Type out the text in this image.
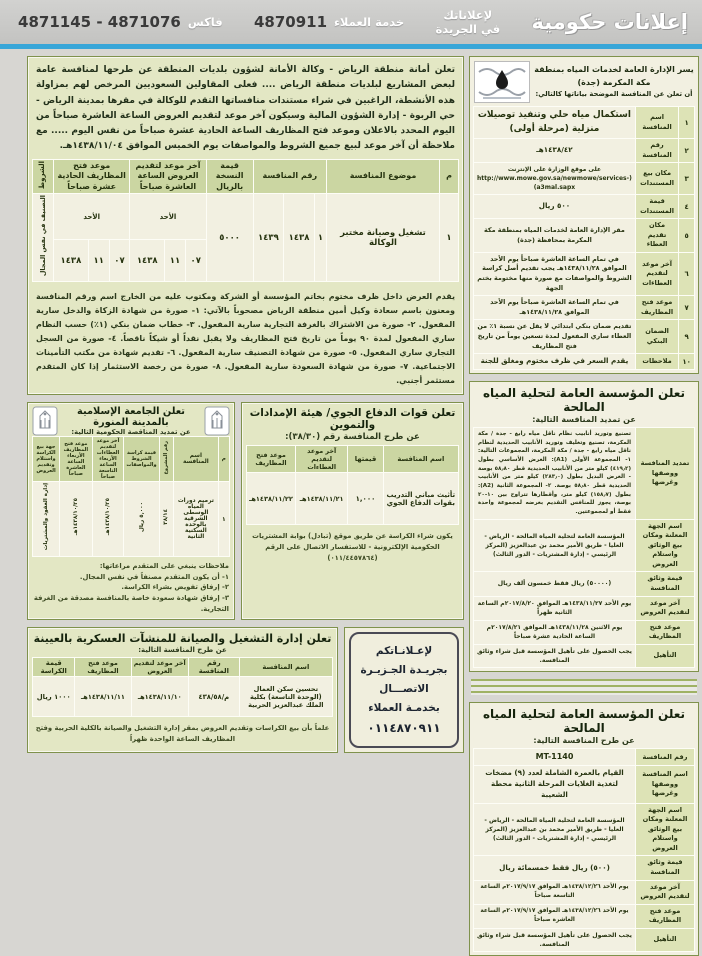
إعلانات حكومية
لإعلاناتك
في الجريدة
خدمة العملاء
4870911
فاكس
4871145 - 4871076
يسر الإدارة العامة لخدمات المياه بمنطقة مكة المكرمة (جدة)
أن تعلن عن المنافسة الموضحة بياناتها كالتالي:
١	اسم المنافسة	استكمال مياه حلي وتنفيذ توصيلات منزلية (مرحلة أولى)
٢	رقم المنافسة	١٤٣٨/٤٢هـ
٣	مكان بيع المستندات	على موقع الوزارة على الإنترنت (http://www.mowe.gov.sa/newmowe/services-a3mal.sapx)
٤	قيمة المستندات	٥٠٠ ريال
٥	مكان تقديم العطاء	مقر الإدارة العامة لخدمات المياه بمنطقة مكة المكرمة بمحافظة (جدة)
٦	آخر موعد لتقديم العطاءات	في تمام الساعة العاشرة صباحاً يوم الأحد الموافق ١٤٣٨/١١/٢٨هـ يجب تقديم أصل كراسة الشروط والمواصفات مع صورة منها مختومة بختم الجهة
٧	موعد فتح المظاريف	في تمام الساعة العاشرة صباحاً يوم الأحد الموافق ١٤٣٨/١١/٢٨هـ
٩	الضمان البنكي	تقديم ضمان بنكي ابتدائي لا يقل عن نسبة ١٪ من العطاء ساري المفعول لمدة تسعين يوماً من تاريخ فتح المظاريف
١٠	ملاحظات	يقدم السعر في ظرف مختوم ومغلق للجنة
تعلن المؤسسة العامة لتحلية المياه المالحة
عن تمديد المنافسة التالية:
تمديد المنافسة ووصفها وغرضها	تصنيع وتوريد أنابيب نظام ناقل مياه رابغ - جدة / مكة المكرمة، تصنيع وتغليف وتوريد الأنابيب الحديدية لنظام ناقل مياه رابغ - جدة / مكة المكرمة، المجموعات التالية: ١- المجموعة الأولى (A1): العرض الأساسي بطول (٤١٩٫٢) كيلو متر من الأنابيب الحديدية قطر ٥٨٫٨٠ بوصة - العرض البديل بطول (٢٨٣٫٠) كيلو متر من الأنابيب الحديدية قطر ٥٨٫٨٠ بوصة. ٢- المجموعة الثانية (A2): بطول (١٥٨٫٧) كيلو متر، وأقطارها تتراوح بين ١٠-٢٠ بوصة، يجوز للمنافس التقديم بعرضه لمجموعة واحدة فقط أو لمجموعتين.
اسم الجهة المعلنة ومكان بيع الوثائق واستلام العروض	المؤسسة العامة لتحلية المياه المالحة - الرياض - العليا - طريق الأمير محمد بن عبدالعزيز (المركز الرئيسي - إدارة المشتريات - الدور الثالث)
قيمة وثائق المنافسة	(٥٠٠٠٠) ريال فقط خمسون ألف ريال
آخر موعد لتقديم العروض	يوم الأحد ١٤٣٨/١١/٢٧هـ الموافق ٢٠١٧/٨/٢٠م الساعة الثانية ظهراً
موعد فتح المظاريف	يوم الاثنين ١٤٣٨/١١/٢٨هـ الموافق ٢٠١٧/٨/٢١م الساعة الحادية عشرة صباحاً
التأهيل	يجب الحصول على تأهيل المؤسسة قبل شراء وثائق المنافسة.
تعلن المؤسسة العامة لتحلية المياه المالحة
عن طرح المنافسة التالية:
رقم المنافسة	MT-1140
اسم المنافسة ووصفها وغرضها	القيام بالعمرة الشاملة لعدد (٩) مضخات لتغذية الغلايات المرحلة الثانية محطة الشعيبة
اسم الجهة المعلنة ومكان بيع الوثائق واستلام العروض	المؤسسة العامة لتحلية المياه المالحة - الرياض - العليا - طريق الأمير محمد بن عبدالعزيز (المركز الرئيسي - إدارة المشتريات - الدور الثالث)
قيمة وثائق المنافسة	(٥٠٠) ريال فقط خمسمائة ريال
آخر موعد لتقديم العروض	يوم الأحد ١٤٣٨/١٢/٢٦هـ الموافق ٢٠١٧/٩/١٧م الساعة التاسعة صباحاً
موعد فتح المظاريف	يوم الأحد ١٤٣٨/١٢/٢٦هـ الموافق ٢٠١٧/٩/١٧م الساعة العاشرة صباحاً
التأهيل	يجب الحصول على تأهيل المؤسسة قبل شراء وثائق المنافسة.
تعلن أمانة منطقة الرياض - وكالة الأمانة لشؤون بلديات المنطقة عن طرحها لمنافسة عامة لبعض المشاريع لبلديات منطقة الرياض .... فعلى المقاولين السعوديين المرخص لهم بمزاولة هذه الأنشطة، الراغبين في شراء مستندات منافساتها التقدم للوكالة في مقرها بمدينة الرياض - حي الربوة - إدارة الشؤون المالية وسيكون آخر موعد لتقديم العروض الساعة العاشرة صباحاً من اليوم المحدد بالاعلان وموعد فتح المظاريف الساعة الحادية عشرة صباحاً من نفس اليوم ..... مع ملاحظة أن آخر موعد لبيع جميع الشروط والمواصفات يوم الخميس الموافق ١٤٣٨/١١/٠٤هـ.
م	موضوع المنافسة	رقم المنافسة			قيمة النسخة بالريال	آخر موعد لتقديم العروض الساعة العاشرة صباحاً			موعد فتح المظاريف الحادية عشرة صباحاً			الشروط
١	تشغيل وصيانة مختبر الوكالة	١	١٤٣٨	١٤٣٩	٥٠٠٠	الأحد			الأحد			التصنيف في نفس المجال
						٠٧	١١	١٤٣٨	٠٧	١١	١٤٣٨	
يقدم العرض داخل ظرف مختوم بخاتم المؤسسة أو الشركة ومكتوب عليه من الخارج اسم ورقم المنافسة ومعنون باسم سعادة وكيل أمين منطقة الرياض مصحوباً بالآتي: ١- صورة من شهادة الزكاة والدخل سارية المفعول. ٢- صورة من الاشتراك بالغرفة التجارية سارية المفعول. ٣- خطاب ضمان بنكي (١٪) حسب النظام ساري المفعول لمدة ٩٠ يوماً من تاريخ فتح المظاريف ولا يقبل نقداً أو شيكاً ناقصاً. ٤- صورة من السجل التجاري ساري المفعول. ٥- صورة من شهادة التصنيف سارية المفعول. ٦- تقديم شهادة من مكتب التأمينات الاجتماعية. ٧- صورة من شهادة السعودة سارية المفعول. ٨- صورة من رخصة الاستثمار إذا كان المتقدم مستثمر أجنبي.
تعلن قوات الدفاع الجوي/ هيئة الإمدادات والتموين
عن طرح المنافسة رقم (٣٨/٣٠):
اسم المنافسة	قيمتها	آخر موعد لتقديم العطاءات	موعد فتح المظاريف
تأثيث مباني التدريب بقوات الدفاع الجوي	١,٠٠٠	١٤٣٨/١١/٢١هـ	١٤٣٨/١١/٢٢هـ
يكون شراء الكراسة عن طريق موقع (تبادل) بوابة المشتريات الحكومية الإلكترونية - للاستفسار الاتصال على الرقم (٠١١/٤٤٥٧٨٦٤)
تعلن الجامعة الإسلامية بالمدينة المنورة
عن تمديد المناقصة الحكومية التالية:
م	اسم المنافسة	رقم المشروع	قيمة كراسة الشروط والمواصفات	آخر موعد لتقديم العطاءات الأربعاء الساعة التاسعة صباحاً	موعد فتح المظاريف الأربعاء الساعة العاشرة صباحاً	جهة بيع الكراسة واستلام وتقديم العروض
١	ترميم دورات المياه الوسطى الشرقية بالوحدة السكنية الثانية	٣٨/١٤	٥,٠٠٠ ريال	١٤٣٨/١٠/٢٥هـ	١٤٣٨/١٠/٢٥هـ	إدارة العقود والمشتريات
ملاحظات ينبغي على المتقدم مراعاتها:
١- أن يكون المتقدم مصنفاً في نفس المجال.
٢- إرفاق تفويض بشراء الكراسة.
٣- إرفاق شهادة سعودة خاصة بالمنافسة مصدقة من الغرفة التجارية.
لإعـلانـاتكم
بجريـدة الجـزيـرة
الاتصـــال
بخدمـة العملاء
٠١١٤٨٧٠٩١١
تعلن إدارة التشغيل والصيانة للمنشآت العسكرية بالعيينة
عن طرح المنافسة التالية:
اسم المنافسة	رقم المنافسة	آخر موعد لتقديم العروض	موعد فتح المظاريف	قيمة الكراسة
تحسين سكن العمال (الوحدة التاسعة) بكلية الملك عبدالعزيز الحربية	م/٤٣٨/٥٨	١٤٣٨/١١/١٠هـ	١٤٣٨/١١/١١هـ	١٠٠٠ ريال
علماً بأن بيع الكراسات وتقديم العروض بمقر إدارة التشغيل والصيانة بالكلية الحربية وفتح المظاريف الساعة الواحدة ظهراً
